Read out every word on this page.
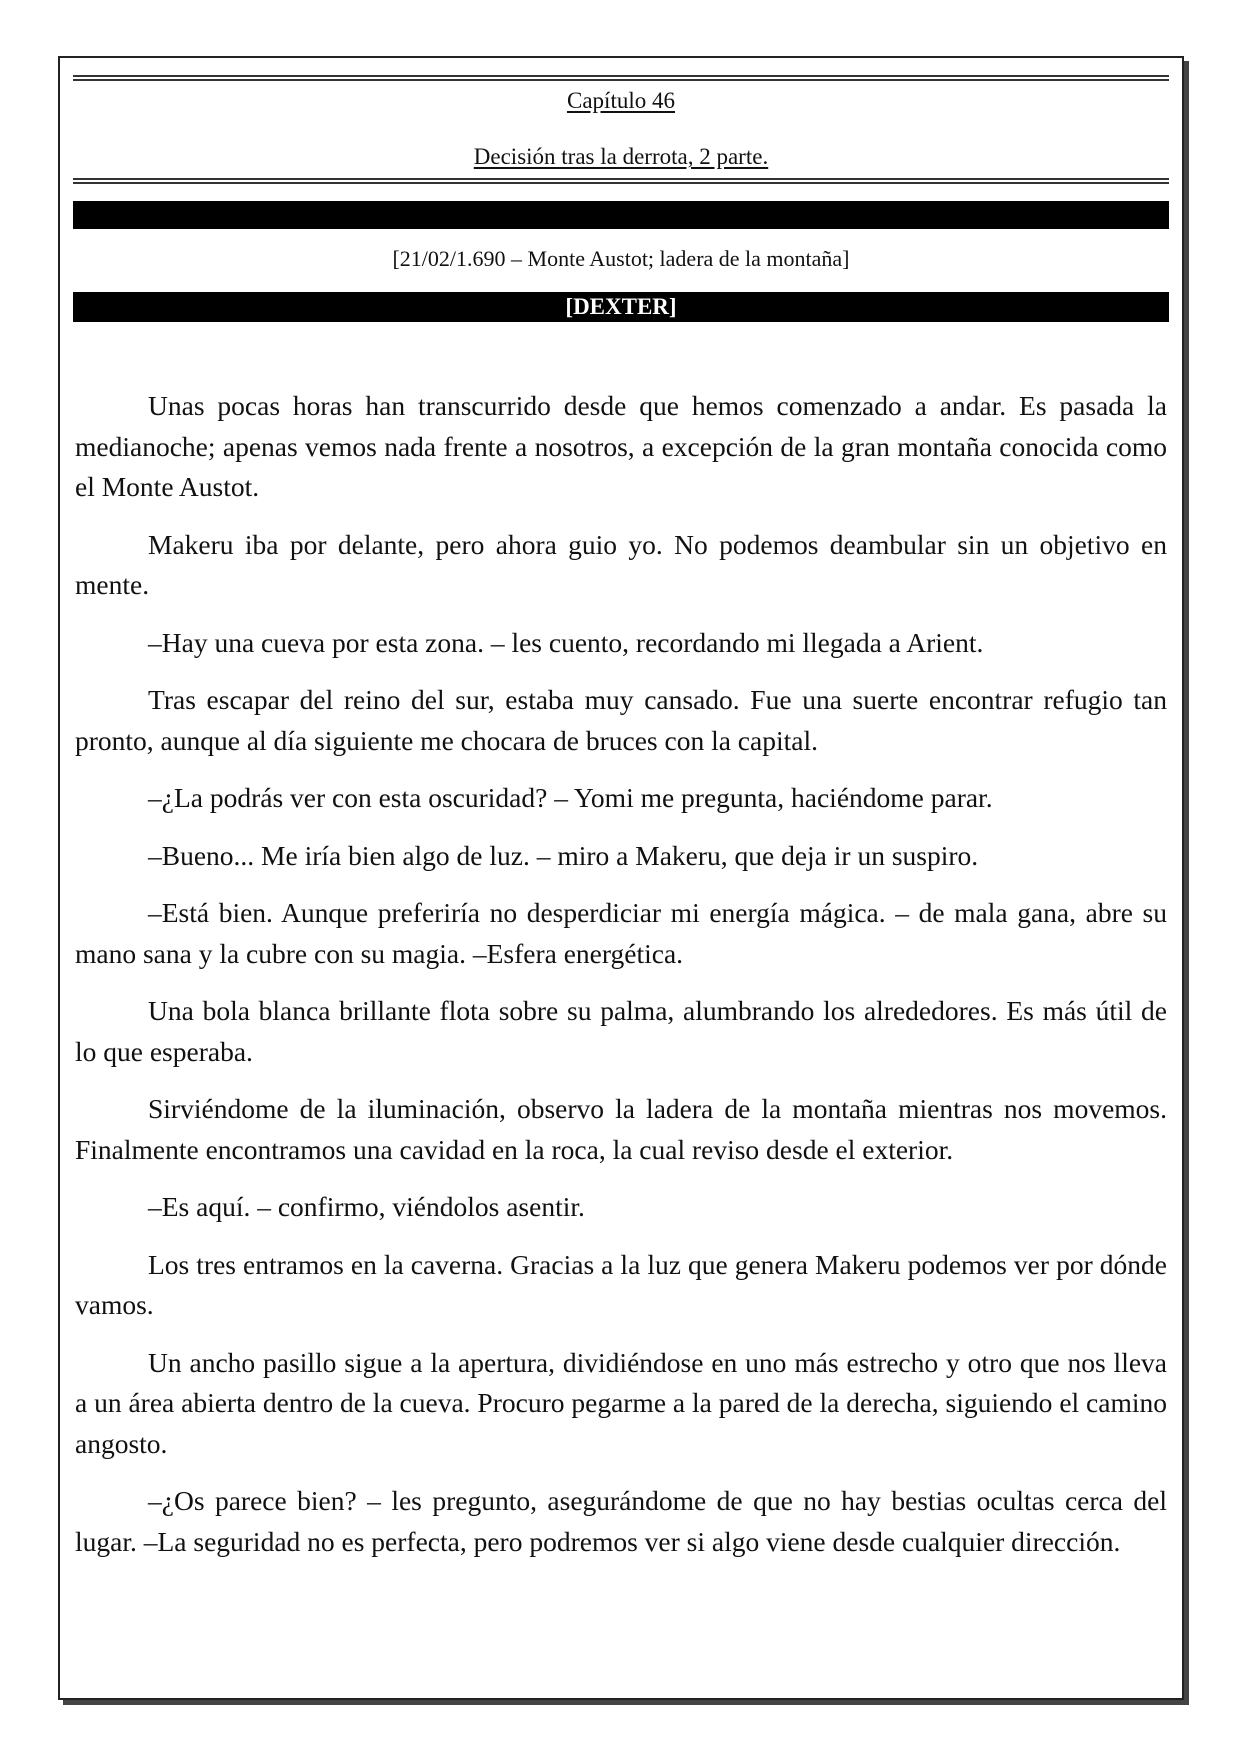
Capítulo 46
Decisión tras la derrota, 2 parte.
[21/02/1.690 – Monte Austot; ladera de la montaña]
[DEXTER]

Unas pocas horas han transcurrido desde que hemos comenzado a andar. Es pasada la medianoche; apenas vemos nada frente a nosotros, a excepción de la gran montaña conocida como el Monte Austot.

Makeru iba por delante, pero ahora guio yo. No podemos deambular sin un objetivo en mente.

–Hay una cueva por esta zona. – les cuento, recordando mi llegada a Arient.

Tras escapar del reino del sur, estaba muy cansado. Fue una suerte encontrar refugio tan pronto, aunque al día siguiente me chocara de bruces con la capital.

–¿La podrás ver con esta oscuridad? – Yomi me pregunta, haciéndome parar.

–Bueno... Me iría bien algo de luz. – miro a Makeru, que deja ir un suspiro.

–Está bien. Aunque preferiría no desperdiciar mi energía mágica. – de mala gana, abre su mano sana y la cubre con su magia. –Esfera energética.

Una bola blanca brillante flota sobre su palma, alumbrando los alrededores. Es más útil de lo que esperaba.

Sirviéndome de la iluminación, observo la ladera de la montaña mientras nos movemos. Finalmente encontramos una cavidad en la roca, la cual reviso desde el exterior.

–Es aquí. – confirmo, viéndolos asentir.

Los tres entramos en la caverna. Gracias a la luz que genera Makeru podemos ver por dónde vamos.

Un ancho pasillo sigue a la apertura, dividiéndose en uno más estrecho y otro que nos lleva a un área abierta dentro de la cueva. Procuro pegarme a la pared de la derecha, siguiendo el camino angosto.

–¿Os parece bien? – les pregunto, asegurándome de que no hay bestias ocultas cerca del lugar. –La seguridad no es perfecta, pero podremos ver si algo viene desde cualquier dirección.
